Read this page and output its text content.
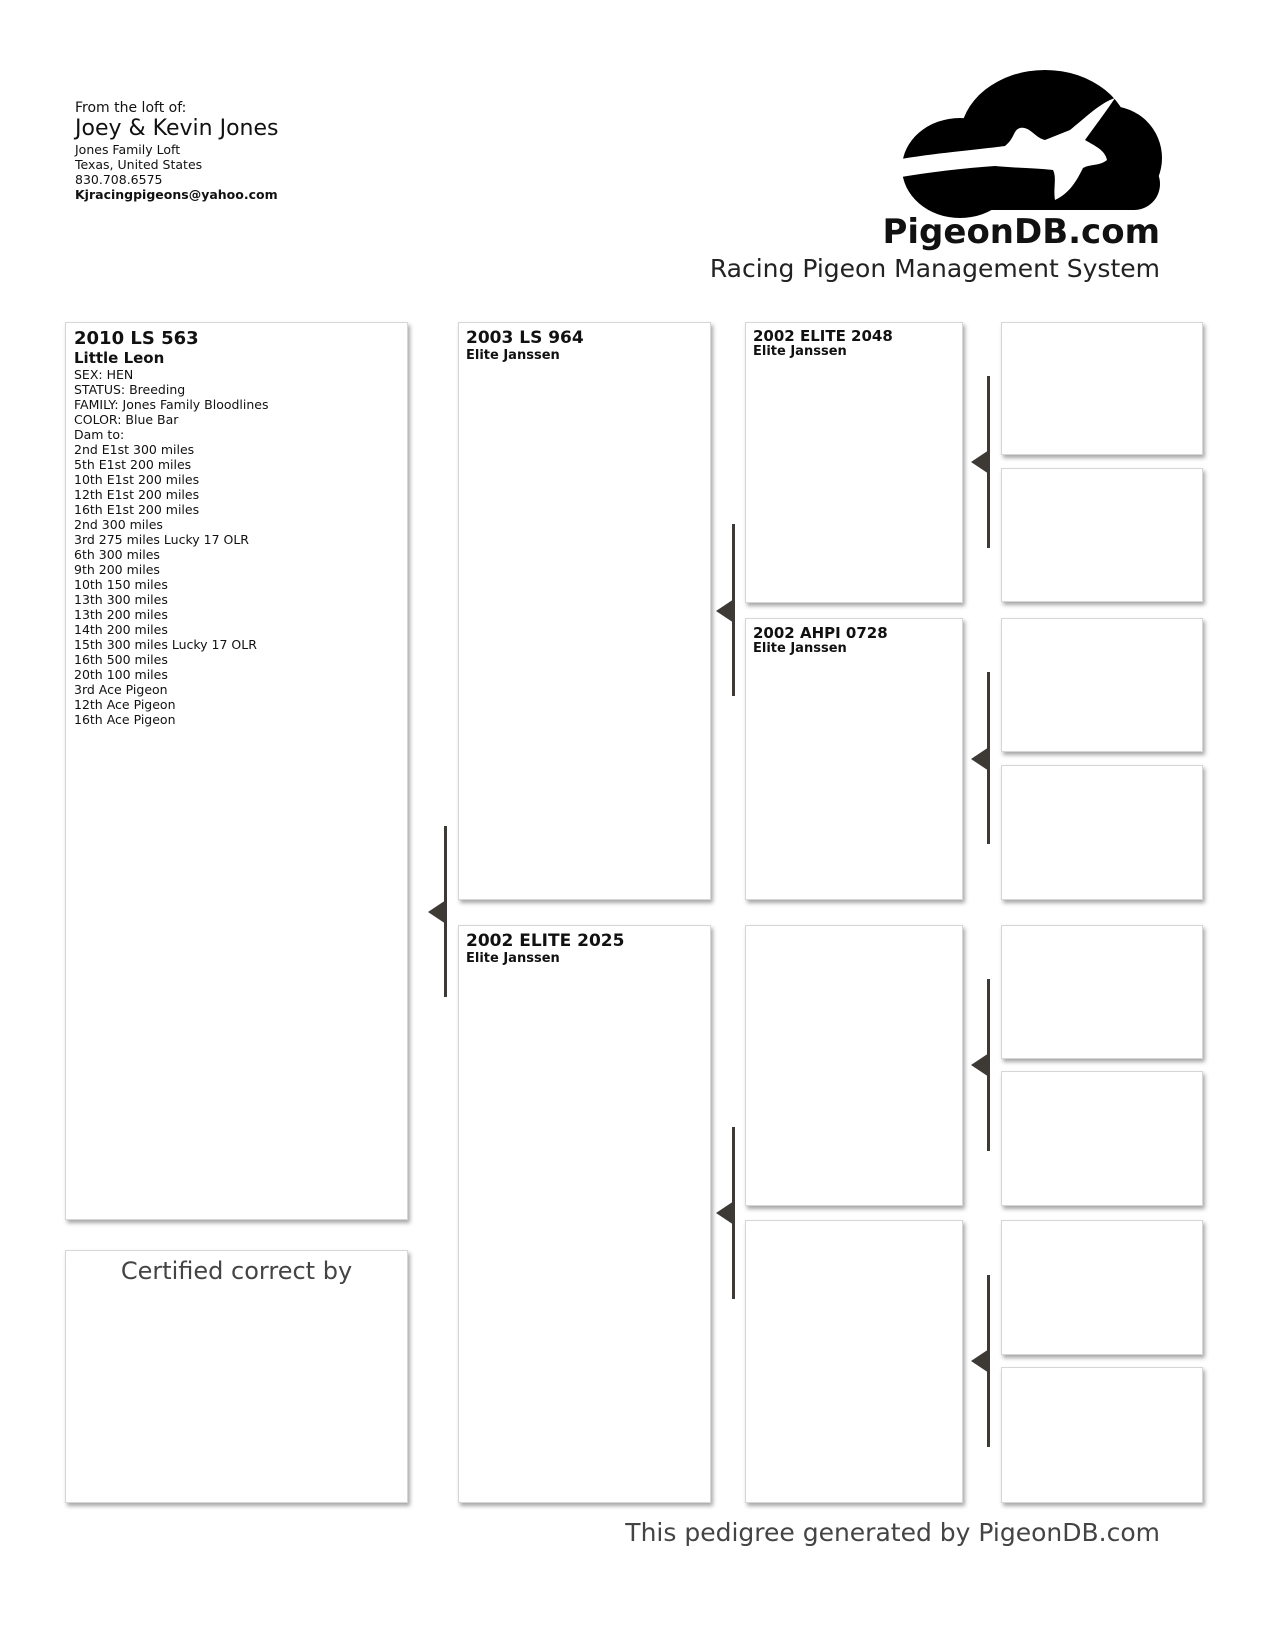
From the loft of:
Joey & Kevin Jones
Jones Family Loft
Texas, United States
830.708.6575
Kjracingpigeons@yahoo.com
PigeonDB.com
Racing Pigeon Management System
2010 LS 563
Little Leon
SEX: HEN
STATUS: Breeding
FAMILY: Jones Family Bloodlines
COLOR: Blue Bar
Dam to:
2nd E1st 300 miles
5th E1st 200 miles
10th E1st 200 miles
12th E1st 200 miles
16th E1st 200 miles
2nd 300 miles
3rd 275 miles Lucky 17 OLR
6th 300 miles
9th 200 miles
10th 150 miles
13th 300 miles
13th 200 miles
14th 200 miles
15th 300 miles Lucky 17 OLR
16th 500 miles
20th 100 miles
3rd Ace Pigeon
12th Ace Pigeon
16th Ace Pigeon
Certified correct by
2003 LS 964
Elite Janssen
2002 ELITE 2025
Elite Janssen
2002 ELITE 2048
Elite Janssen
2002 AHPI 0728
Elite Janssen
This pedigree generated by PigeonDB.com
